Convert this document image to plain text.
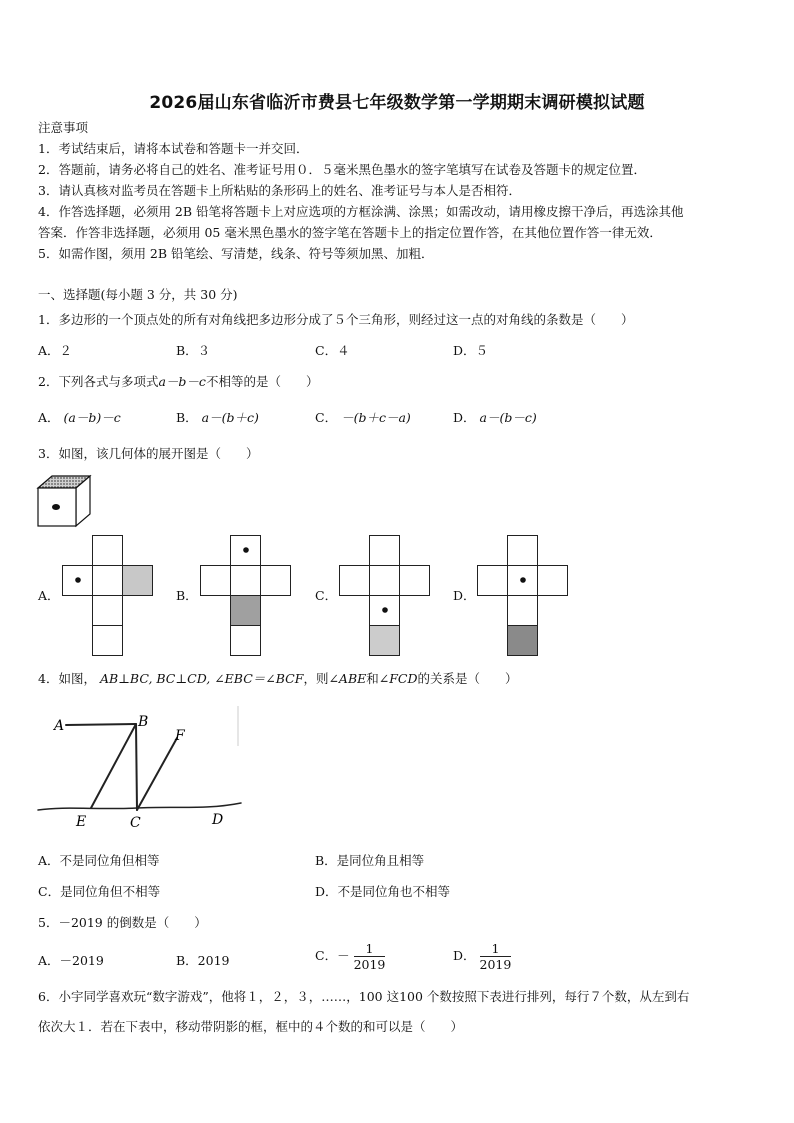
2026届山东省临沂市费县七年级数学第一学期期末调研模拟试题
注意事项
1．考试结束后，请将本试卷和答题卡一并交回．
2．答题前，请务必将自己的姓名、准考证号用０．５毫米黑色墨水的签字笔填写在试卷及答题卡的规定位置．
3．请认真核对监考员在答题卡上所粘贴的条形码上的姓名、准考证号与本人是否相符．
4．作答选择题，必须用 2B 铅笔将答题卡上对应选项的方框涂满、涂黑；如需改动，请用橡皮擦干净后，再选涂其他
答案．作答非选择题，必须用 05 毫米黑色墨水的签字笔在答题卡上的指定位置作答，在其他位置作答一律无效．
5．如需作图，须用 2B 铅笔绘、写清楚，线条、符号等须加黑、加粗．
一、选择题(每小题 3 分，共 30 分)
1．多边形的一个顶点处的所有对角线把多边形分成了５个三角形，则经过这一点的对角线的条数是（　　）
A．２	B．３	C．４	D．５
2．下列各式与多项式a－b－c不相等的是（　　）
A． (a－b)－c	B． a－(b＋c)	C． －(b＋c－a)	D． a－(b－c)
3．如图，该几何体的展开图是（　　）
A．	B．	C．	D．
4．如图， AB⊥BC, BC⊥CD, ∠EBC＝∠BCF，则∠ABE和∠FCD的关系是（　　）
A	B
F
E	C	D
A．不是同位角但相等	B．是同位角且相等
C．是同位角但不相等	D．不是同位角也不相等
5．－2019 的倒数是（　　）
A．－2019	B．2019	C．－ $\frac{1}{2019}$	D． $\frac{1}{2019}$
6．小宇同学喜欢玩“数字游戏”，他将１，２，３，……，100 这100 个数按照下表进行排列，每行７个数，从左到右
依次大１．若在下表中，移动带阴影的框，框中的４个数的和可以是（　　）
